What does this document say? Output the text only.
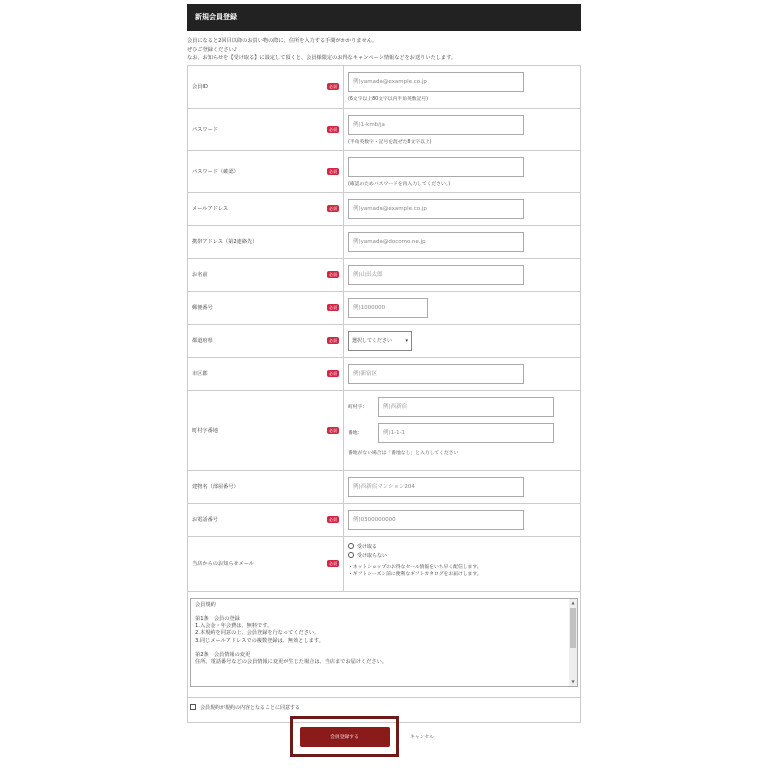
新規会員登録
会員になると2回目以降のお買い物の際に、住所を入力する手間がかかりません。
ぜひご登録ください♪
なお、お知らせを【受け取る】に設定して頂くと、会員様限定のお得なキャンペーン情報などをお送りいたします。
会員ID	必須
例)yamada@example.co.jp
(6文字以上80文字以内半角英数記号)
パスワード	必須
例)1-kmb/ja
(半角英数字・記号を混ぜた8文字以上)
パスワード（確認）	必須
(確認のためパスワードを再入力してください。)
メールアドレス	必須
例)yamada@example.co.jp
携帯アドレス（第2連絡先）
例)yamada@docomo.ne.jp
お名前	必須
例)山田太郎
郵便番号	必須
例)1000000
都道府県	必須	選択してください	▾
市区郡	必須
例)新宿区
町村字番地	必須
町村字：
例)西新宿
番地：
例)1-1-1
番地がない場合は「番地なし」と入力してください
建物名（部屋番号）
例)西新宿マンション204
お電話番号	必須
例)0300000000
当店からのお知らせメール	必須
受け取る
受け取らない
・ネットショップのお得なセール情報をいち早く配信します。
・ギフトシーズン前に便利なギフトカタログをお届けします。
会員規約

第1条　会員の登録
1.入会金・年会費は、無料です。
2.本規約を同意の上、会員登録を行なってください。
3.同じメールアドレスでの複数登録は、無効とします。

第2条　会員情報の変更
住所、電話番号などの会員情報に変更が生じた場合は、当店までお届けください。
▲
▼
会員規約が規約の内容となることに同意する
会員登録する	キャンセル
